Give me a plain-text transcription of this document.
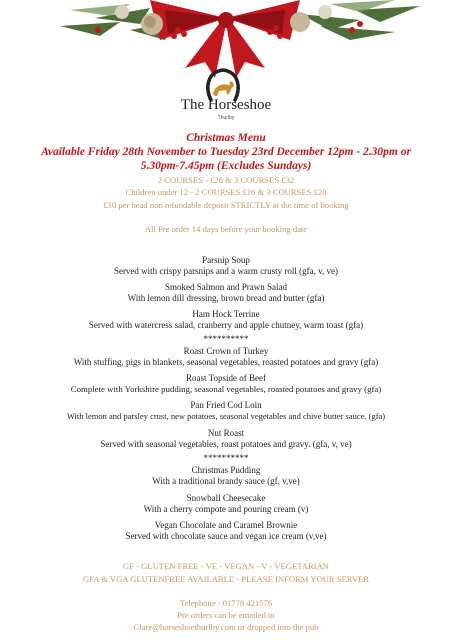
The Horseshoe
Thurlby
Christmas Menu
Available Friday 28th November to Tuesday 23rd December 12pm - 2.30pm or
5.30pm-7.45pm (Excludes Sundays)
2 COURSES - £28 & 3 COURSES £32
Children under 12 - 2 COURSES £16 & 3 COURSES £20
£10 per head non refundable deposit STRICTLY at the time of booking
All Pre order 14 days before your booking date
Parsnip Soup
Served with crispy parsnips and a warm crusty roll (gfa, v, ve)
Smoked Salmon and Prawn Salad
With lemon dill dressing, brown bread and butter (gfa)
Ham Hock Terrine
Served with watercress salad, cranberry and apple chutney, warm toast (gfa)
**********
Roast Crown of Turkey
With stuffing, pigs in blankets, seasonal vegetables, roasted potatoes and gravy (gfa)
Roast Topside of Beef
Complete with Yorkshire pudding, seasonal vegetables, roasted potatoes and gravy (gfa)
Pan Fried Cod Loin
With lemon and parsley crust, new potatoes, seasonal vegetables and chive butter sauce. (gfa)
Nut Roast
Served with seasonal vegetables, roast potatoes and gravy. (gfa, v, ve)
**********
Christmas Pudding
With a traditional brandy sauce (gf, v,ve)
Snowball Cheesecake
With a cherry compote and pouring cream (v)
Vegan Chocolate and Caramel Brownie
Served with chocolate sauce and vegan ice cream (v,ve)
GF - GLUTEN FREE - VE - VEGAN - V - VEGETARIAN
GFA & VGA GLUTENFREE AVAILABLE - PLEASE INFORM YOUR SERVER
Telephone - 01778 421576
Pre orders can be emailed to
Clare@horseshoethurlby.com or dropped into the pub
